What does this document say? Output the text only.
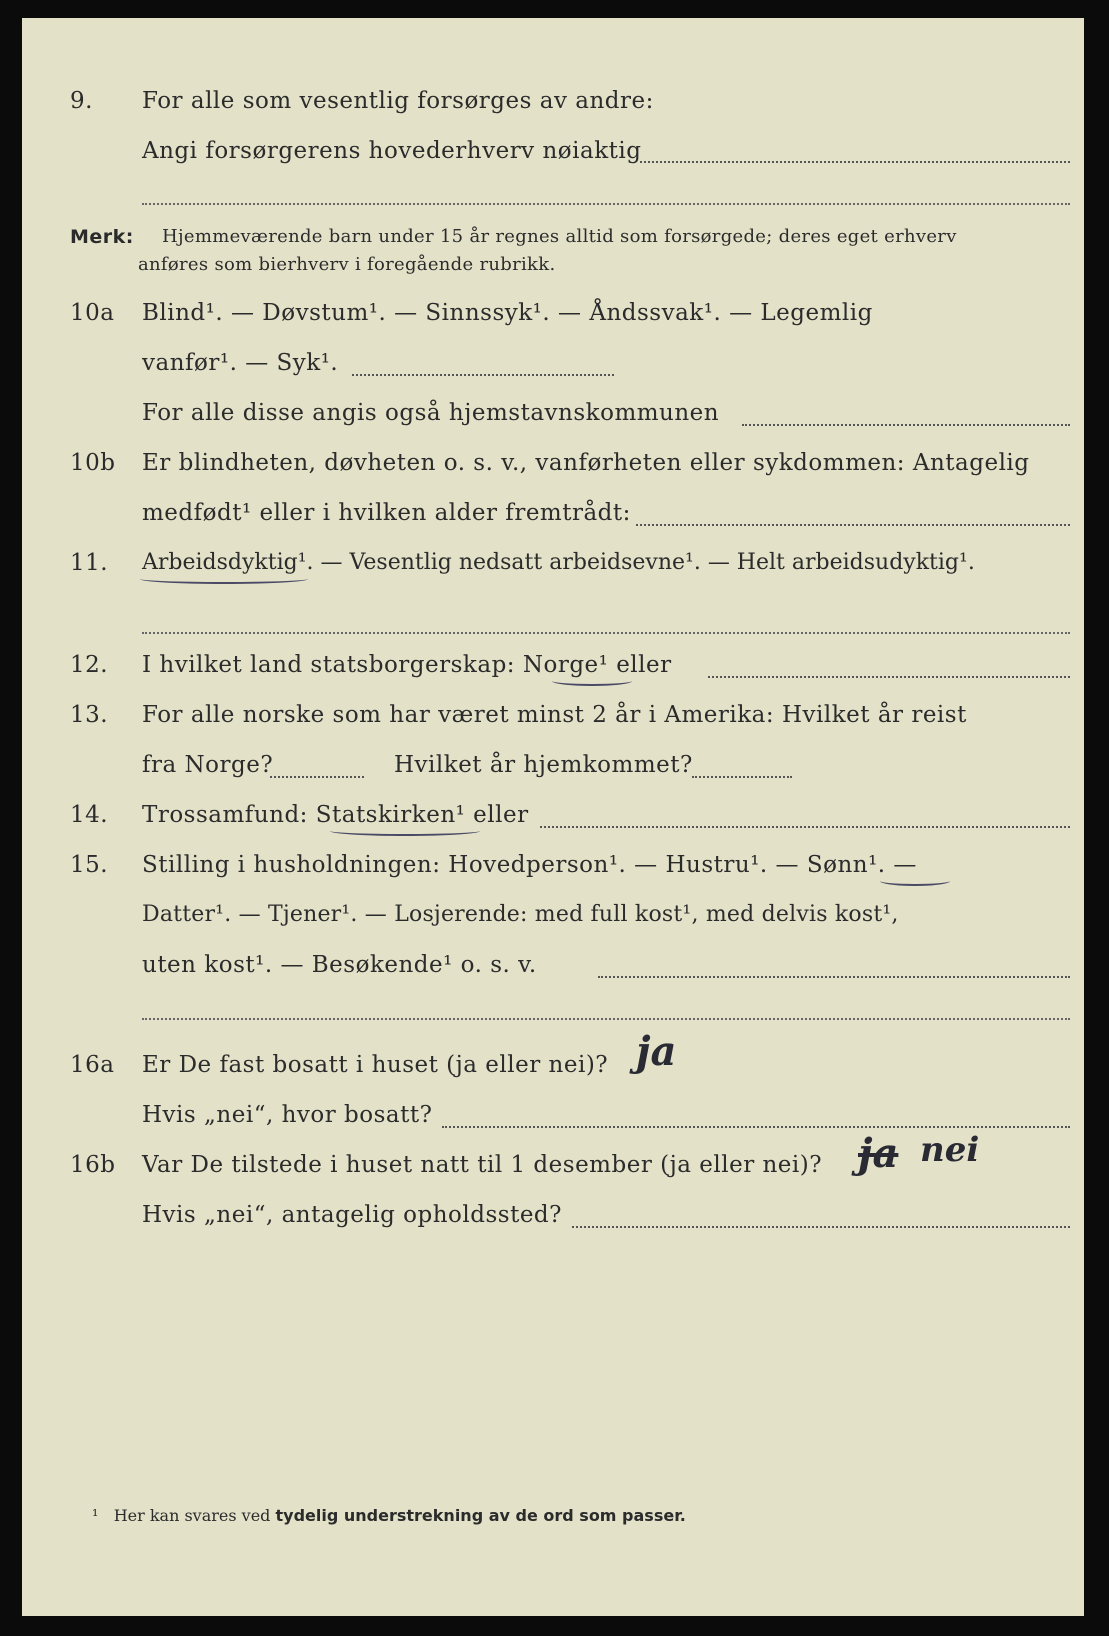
9. For alle som vesentlig forsørges av andre:
Angi forsørgerens hovederhverv nøiaktig
Merk: Hjemmeværende barn under 15 år regnes alltid som forsørgede; deres eget erhverv
anføres som bierhverv i foregående rubrikk.
10a Blind¹. — Døvstum¹. — Sinnssyk¹. — Åndssvak¹. — Legemlig
vanfør¹. — Syk¹.
For alle disse angis også hjemstavnskommunen
10b Er blindheten, døvheten o. s. v., vanførheten eller sykdommen: Antagelig
medfødt¹ eller i hvilken alder fremtrådt:
11. Arbeidsdyktig¹. — Vesentlig nedsatt arbeidsevne¹. — Helt arbeidsudyktig¹.
12. I hvilket land statsborgerskap: Norge¹ eller
13. For alle norske som har været minst 2 år i Amerika: Hvilket år reist
fra Norge?	Hvilket år hjemkommet?
14. Trossamfund: Statskirken¹ eller
15. Stilling i husholdningen: Hovedperson¹. — Hustru¹. — Sønn¹. —
Datter¹. — Tjener¹. — Losjerende: med full kost¹, med delvis kost¹,
uten kost¹. — Besøkende¹ o. s. v.
16a Er De fast bosatt i huset (ja eller nei)? ja
Hvis „nei“, hvor bosatt?
16b Var De tilstede i huset natt til 1 desember (ja eller nei)? ja nei
Hvis „nei“, antagelig opholdssted?
¹ Her kan svares ved tydelig understrekning av de ord som passer.
